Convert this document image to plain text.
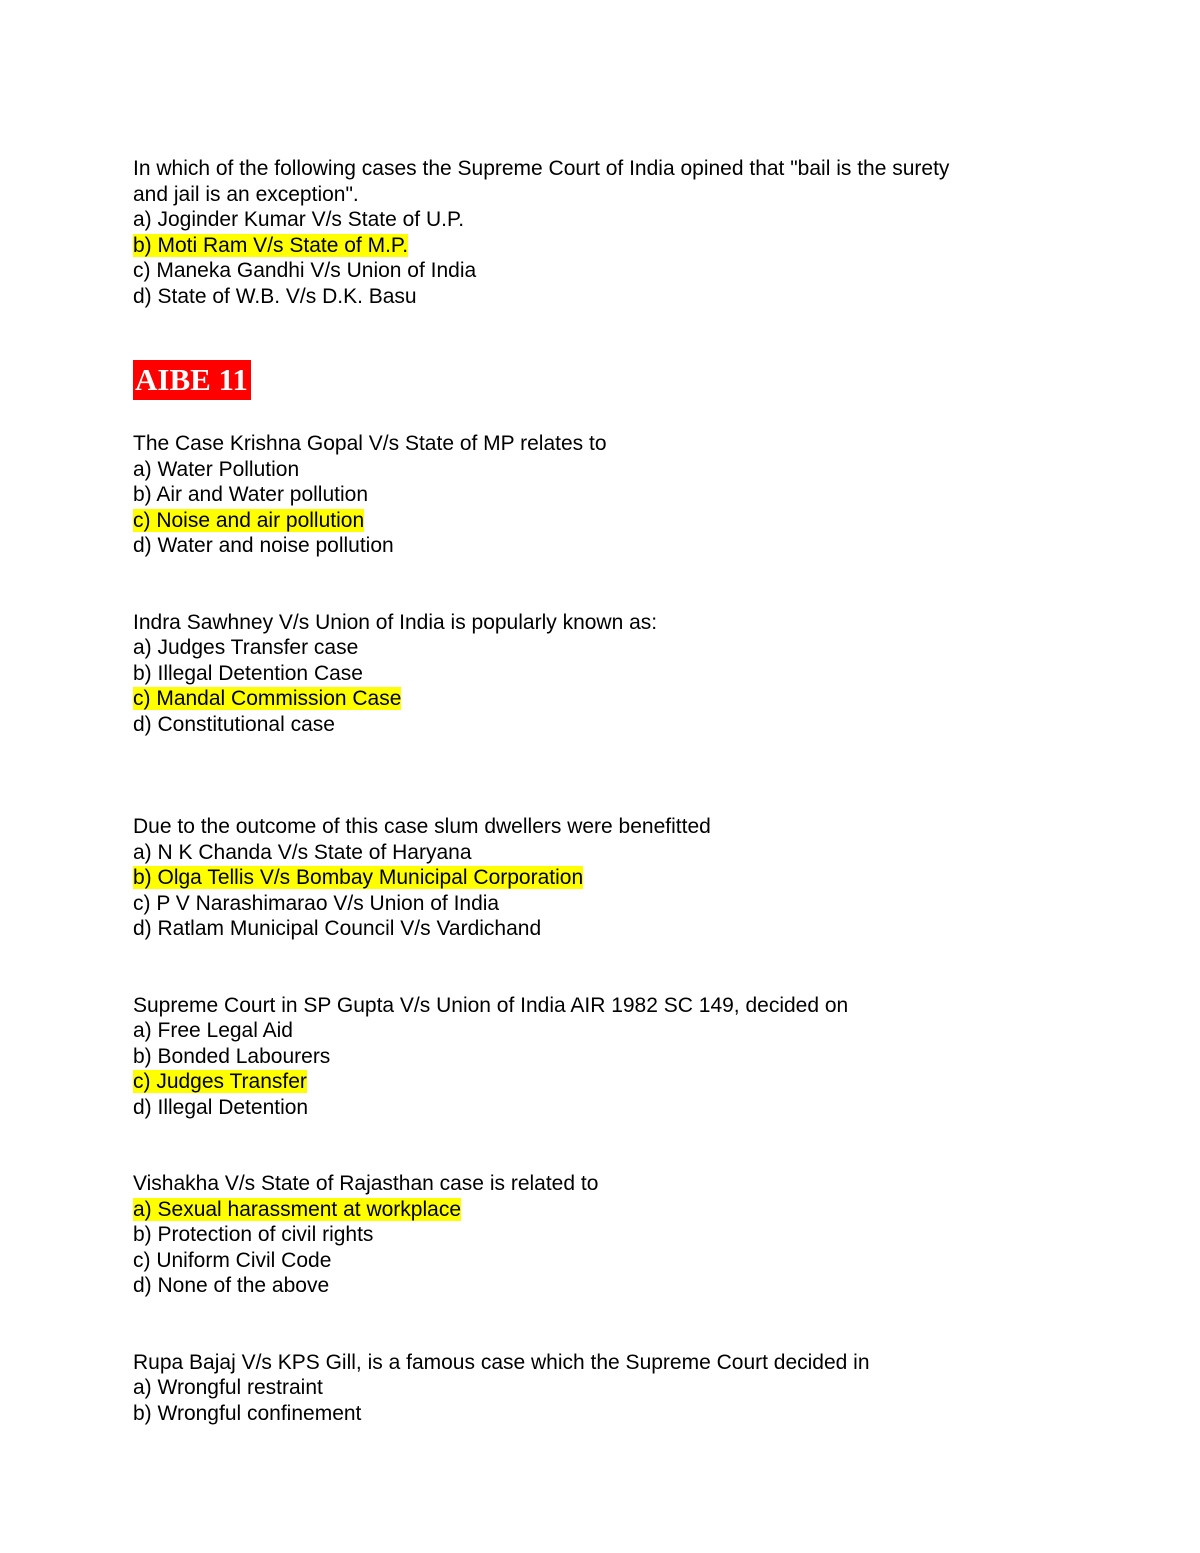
In which of the following cases the Supreme Court of India opined that "bail is the surety and jail is an exception".
a) Joginder Kumar V/s State of U.P.
b) Moti Ram V/s State of M.P.
c) Maneka Gandhi V/s Union of India
d) State of W.B. V/s D.K. Basu
AIBE 11
The Case Krishna Gopal V/s State of MP relates to
a) Water Pollution
b) Air and Water pollution
c) Noise and air pollution
d) Water and noise pollution
Indra Sawhney V/s Union of India is popularly known as:
a) Judges Transfer case
b) Illegal Detention Case
c) Mandal Commission Case
d) Constitutional case
Due to the outcome of this case slum dwellers were benefitted
a) N K Chanda V/s State of Haryana
b) Olga Tellis V/s Bombay Municipal Corporation
c) P V Narashimarao V/s Union of India
d) Ratlam Municipal Council V/s Vardichand
Supreme Court in SP Gupta V/s Union of India AIR 1982 SC 149, decided on
a) Free Legal Aid
b) Bonded Labourers
c) Judges Transfer
d) Illegal Detention
Vishakha V/s State of Rajasthan case is related to
a) Sexual harassment at workplace
b) Protection of civil rights
c) Uniform Civil Code
d) None of the above
Rupa Bajaj V/s KPS Gill, is a famous case which the Supreme Court decided in
a) Wrongful restraint
b) Wrongful confinement
